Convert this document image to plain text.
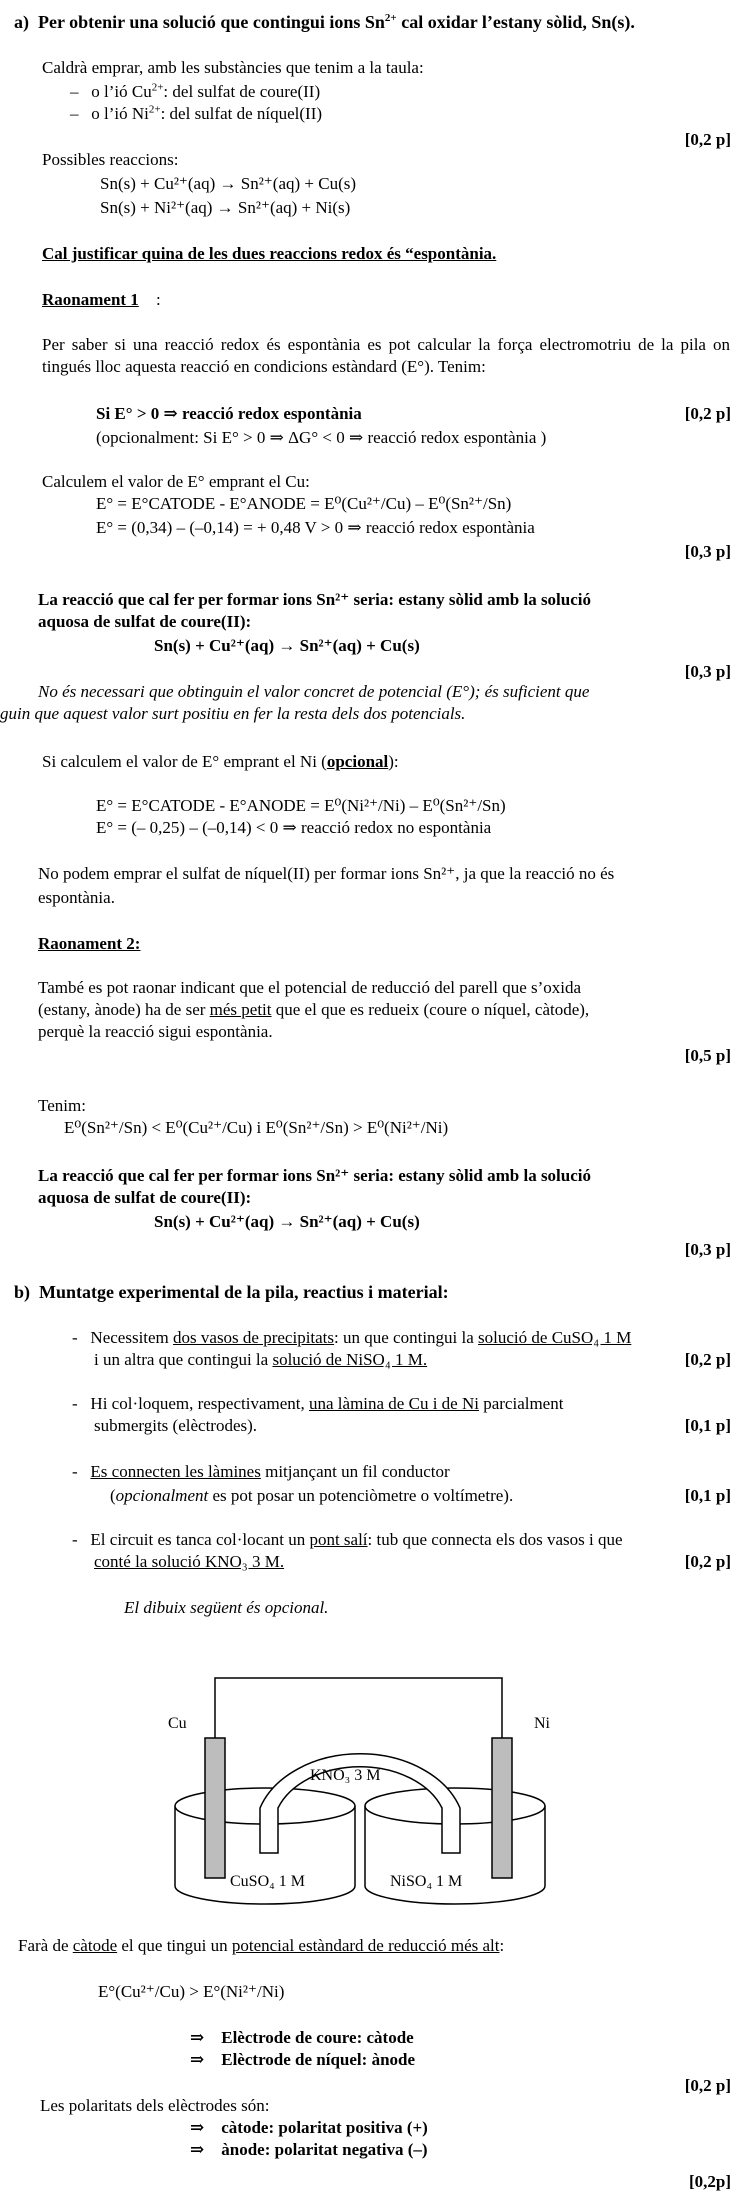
a) Per obtenir una solució que contingui ions $Sn^{2+}$ cal oxidar l’estany sòlid, Sn(s).
Caldrà emprar, amb les substàncies que tenim a la taula:
–   o l’ió $Cu^{2+}$: del sulfat de coure(II)
–   o l’ió $Ni^{2+}$: del sulfat de níquel(II)
[0,2 p]
Possibles reaccions:
Sn(s) + Cu²⁺(aq) → Sn²⁺(aq) + Cu(s)
Sn(s) + Ni²⁺(aq) → Sn²⁺(aq) + Ni(s)
Cal justificar quina de les dues reaccions redox és “espontània.
Raonament 1 :
Per saber si una reacció redox és espontània es pot calcular la força electromotriu de la pila on tingués lloc aquesta reacció en condicions estàndard (E°). Tenim:
Si E° > 0 ⇒ reacció redox espontània	[0,2 p]
(opcionalment: Si E° > 0 ⇒ ΔG° < 0 ⇒ reacció redox espontània )
Calculem el valor de E° emprant el Cu:
E° = E°CATODE - E°ANODE = E⁰(Cu²⁺/Cu) – E⁰(Sn²⁺/Sn)
E° = (0,34) – (–0,14) = + 0,48 V > 0 ⇒ reacció redox espontània
[0,3 p]
La reacció que cal fer per formar ions Sn²⁺ seria: estany sòlid amb la solució
aquosa de sulfat de coure(II):
Sn(s) + Cu²⁺(aq) → Sn²⁺(aq) + Cu(s)
[0,3 p]
No és necessari que obtinguin el valor concret de potencial (E°); és suficient que
guin que aquest valor surt positiu en fer la resta dels dos potencials.
Si calculem el valor de E° emprant el Ni (opcional):
E° = E°CATODE - E°ANODE = E⁰(Ni²⁺/Ni) – E⁰(Sn²⁺/Sn)
E° = (– 0,25) – (–0,14) < 0 ⇒ reacció redox no espontània
No podem emprar el sulfat de níquel(II) per formar ions Sn²⁺, ja que la reacció no és
espontània.
Raonament 2:
També es pot raonar indicant que el potencial de reducció del parell que s’oxida
(estany, ànode) ha de ser més petit que el que es redueix (coure o níquel, càtode),
perquè la reacció sigui espontània.
[0,5 p]
Tenim:
E⁰(Sn²⁺/Sn) < E⁰(Cu²⁺/Cu) i E⁰(Sn²⁺/Sn) > E⁰(Ni²⁺/Ni)
La reacció que cal fer per formar ions Sn²⁺ seria: estany sòlid amb la solució
aquosa de sulfat de coure(II):
Sn(s) + Cu²⁺(aq) → Sn²⁺(aq) + Cu(s)
[0,3 p]
b) Muntatge experimental de la pila, reactius i material:
-   Necessitem dos vasos de precipitats: un que contingui la solució de CuSO₄ 1 M
i un altra que contingui la solució de NiSO₄ 1 M.	[0,2 p]
-   Hi col·loquem, respectivament, una làmina de Cu i de Ni parcialment
submergits (elèctrodes).	[0,1 p]
-   Es connecten les làmines mitjançant un fil conductor
(opcionalment es pot posar un potenciòmetre o voltímetre).	[0,1 p]
-   El circuit es tanca col·locant un pont salí: tub que connecta els dos vasos i que
conté la solució KNO₃ 3 M.	[0,2 p]
El dibuix següent és opcional.
Cu	Ni
KNO₃ 3 M
CuSO₄ 1 M	NiSO₄ 1 M
Farà de càtode el que tingui un potencial estàndard de reducció més alt:
E°(Cu²⁺/Cu) > E°(Ni²⁺/Ni)
⇒    Elèctrode de coure: càtode
⇒    Elèctrode de níquel: ànode
[0,2 p]
Les polaritats dels elèctrodes són:
⇒    càtode: polaritat positiva (+)
⇒    ànode: polaritat negativa (–)
[0,2p]
